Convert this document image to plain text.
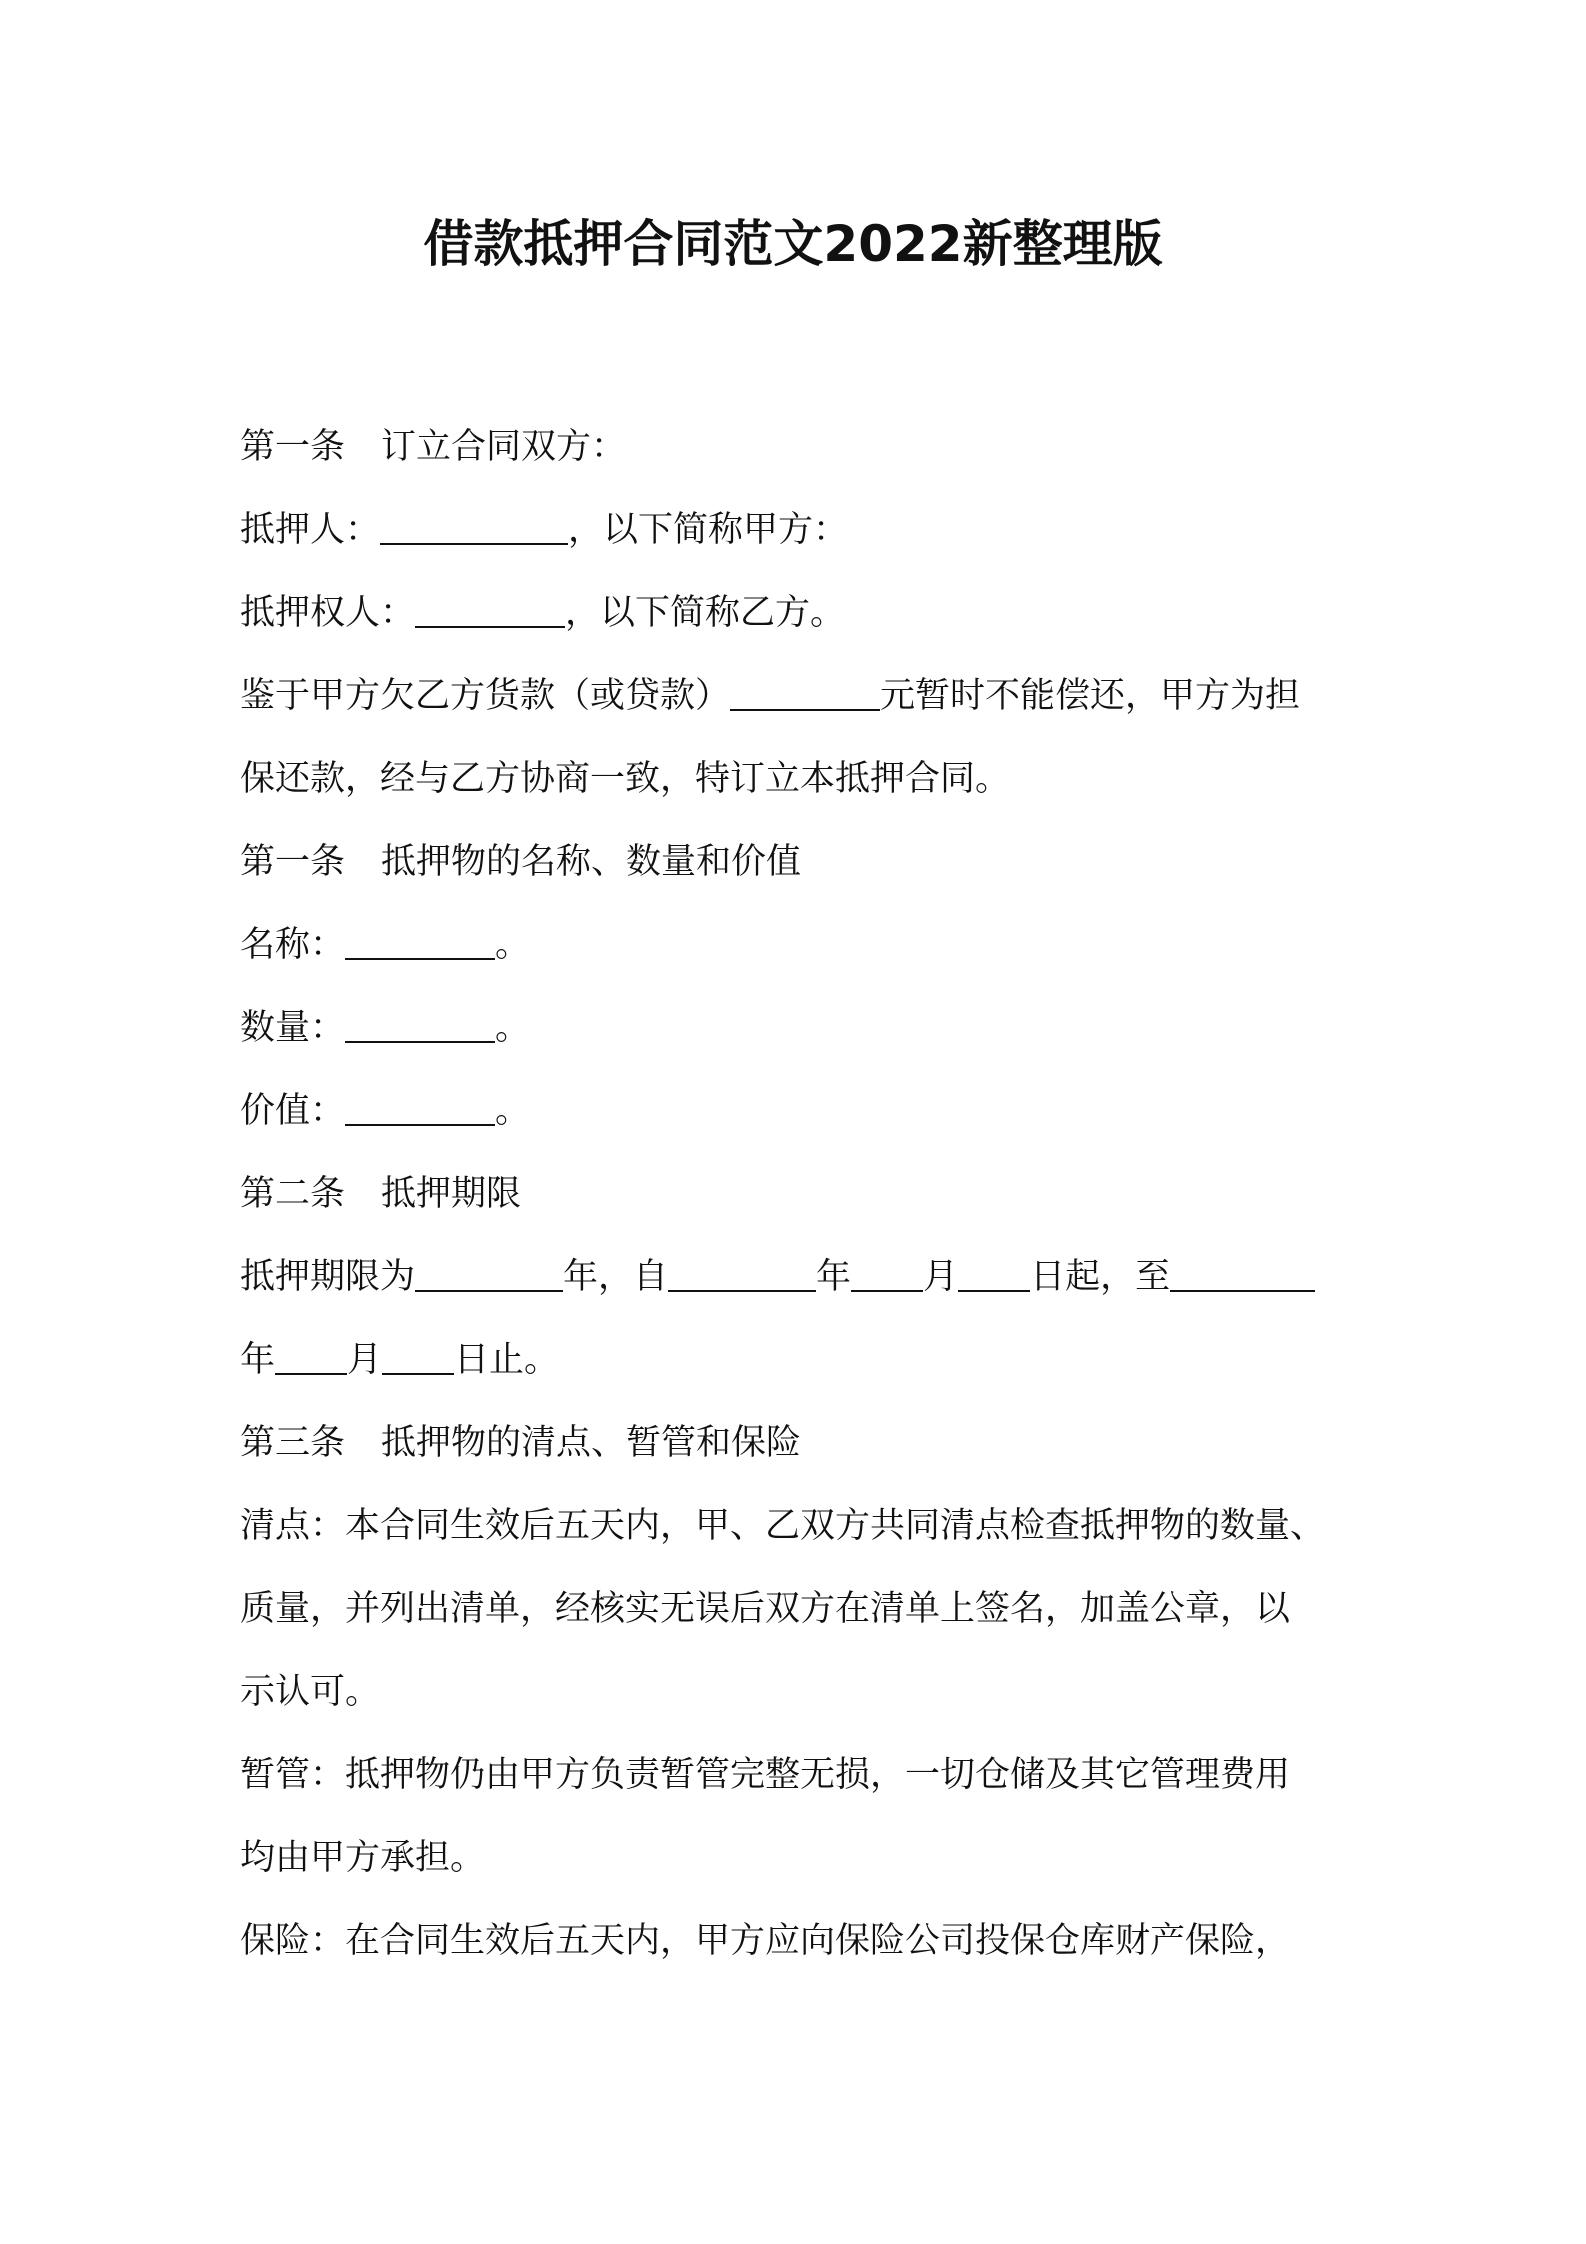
借款抵押合同范文2022新整理版
第一条 订立合同双方：
抵押人：	，以下简称甲方：
抵押权人：	，以下简称乙方。
鉴于甲方欠乙方货款（或贷款）	元暂时不能偿还，甲方为担
保还款，经与乙方协商一致，特订立本抵押合同。
第一条 抵押物的名称、数量和价值
名称：	。
数量：	。
价值：	。
第二条 抵押期限
抵押期限为	年，自	年 月 日起，至
年 月 日止。
第三条 抵押物的清点、暂管和保险
清点：本合同生效后五天内，甲、乙双方共同清点检查抵押物的数量、
质量，并列出清单，经核实无误后双方在清单上签名，加盖公章，以
示认可。
暂管：抵押物仍由甲方负责暂管完整无损，一切仓储及其它管理费用
均由甲方承担。
保险：在合同生效后五天内，甲方应向保险公司投保仓库财产保险，
